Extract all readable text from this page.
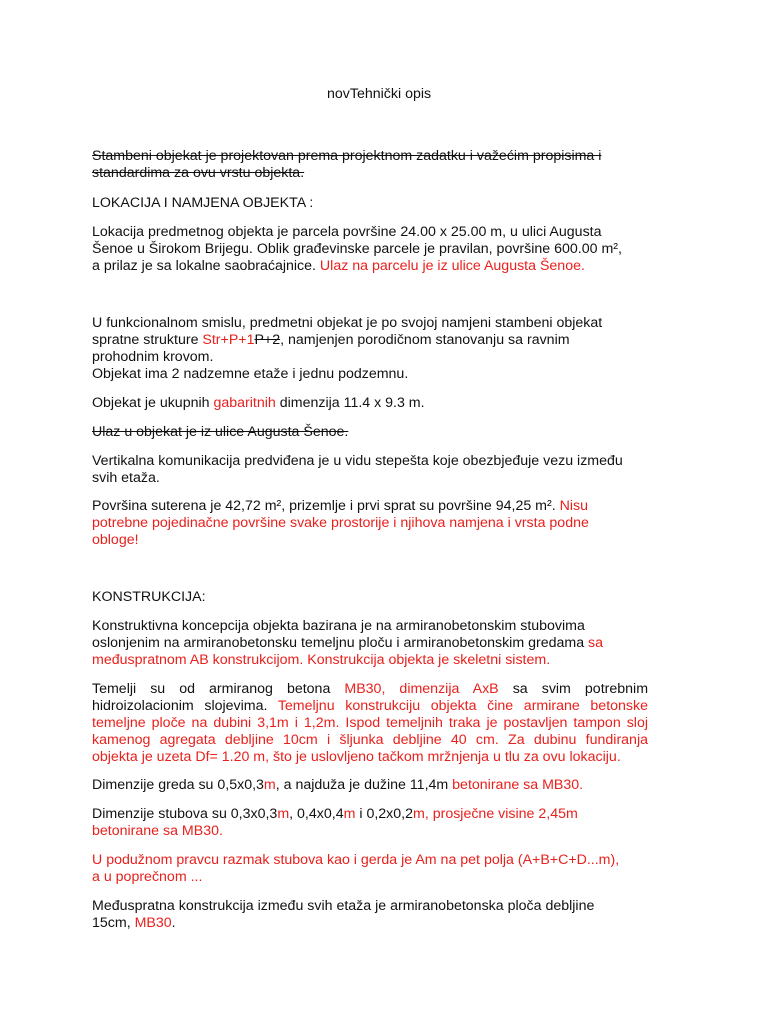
novTehnički opis
Stambeni objekat je projektovan prema projektnom zadatku i važećim propisima i
standardima za ovu vrstu objekta.
LOKACIJA I NAMJENA OBJEKTA :
Lokacija predmetnog objekta je parcela površine 24.00 x 25.00 m, u ulici Augusta
Šenoe u Širokom Brijegu. Oblik građevinske parcele je pravilan, površine 600.00 m²,
a prilaz je sa lokalne saobraćajnice. Ulaz na parcelu je iz ulice Augusta Šenoe.
U funkcionalnom smislu, predmetni objekat je po svojoj namjeni stambeni objekat
spratne strukture Str+P+1P+2, namjenjen porodičnom stanovanju sa ravnim
prohodnim krovom.
Objekat ima 2 nadzemne etaže i jednu podzemnu.
Objekat je ukupnih gabaritnih dimenzija 11.4 x 9.3 m.
Ulaz u objekat je iz ulice Augusta Šenoe.
Vertikalna komunikacija predviđena je u vidu stepešta koje obezbjeđuje vezu između
svih etaža.
Površina suterena je 42,72 m², prizemlje i prvi sprat su površine 94,25 m². Nisu
potrebne pojedinačne površine svake prostorije i njihova namjena i vrsta podne
obloge!
KONSTRUKCIJA:
Konstruktivna koncepcija objekta bazirana je na armiranobetonskim stubovima
oslonjenim na armiranobetonsku temeljnu ploču i armiranobetonskim gredama sa
međuspratnom AB konstrukcijom. Konstrukcija objekta je skeletni sistem.
Temelji su od armiranog betona MB30, dimenzija AxB sa svim potrebnim
hidroizolacionim slojevima. Temeljnu konstrukciju objekta čine armirane betonske
temeljne ploče na dubini 3,1m i 1,2m. Ispod temeljnih traka je postavljen tampon sloj
kamenog agregata debljine 10cm i šljunka debljine 40 cm. Za dubinu fundiranja
objekta je uzeta Df= 1.20 m, što je uslovljeno tačkom mržnjenja u tlu za ovu lokaciju.
Dimenzije greda su 0,5x0,3m, a najduža je dužine 11,4m betonirane sa MB30.
Dimenzije stubova su 0,3x0,3m, 0,4x0,4m i 0,2x0,2m, prosječne visine 2,45m
betonirane sa MB30.
U podužnom pravcu razmak stubova kao i gerda je Am na pet polja (A+B+C+D...m),
a u poprečnom ...
Međuspratna konstrukcija između svih etaža je armiranobetonska ploča debljine
15cm, MB30.
